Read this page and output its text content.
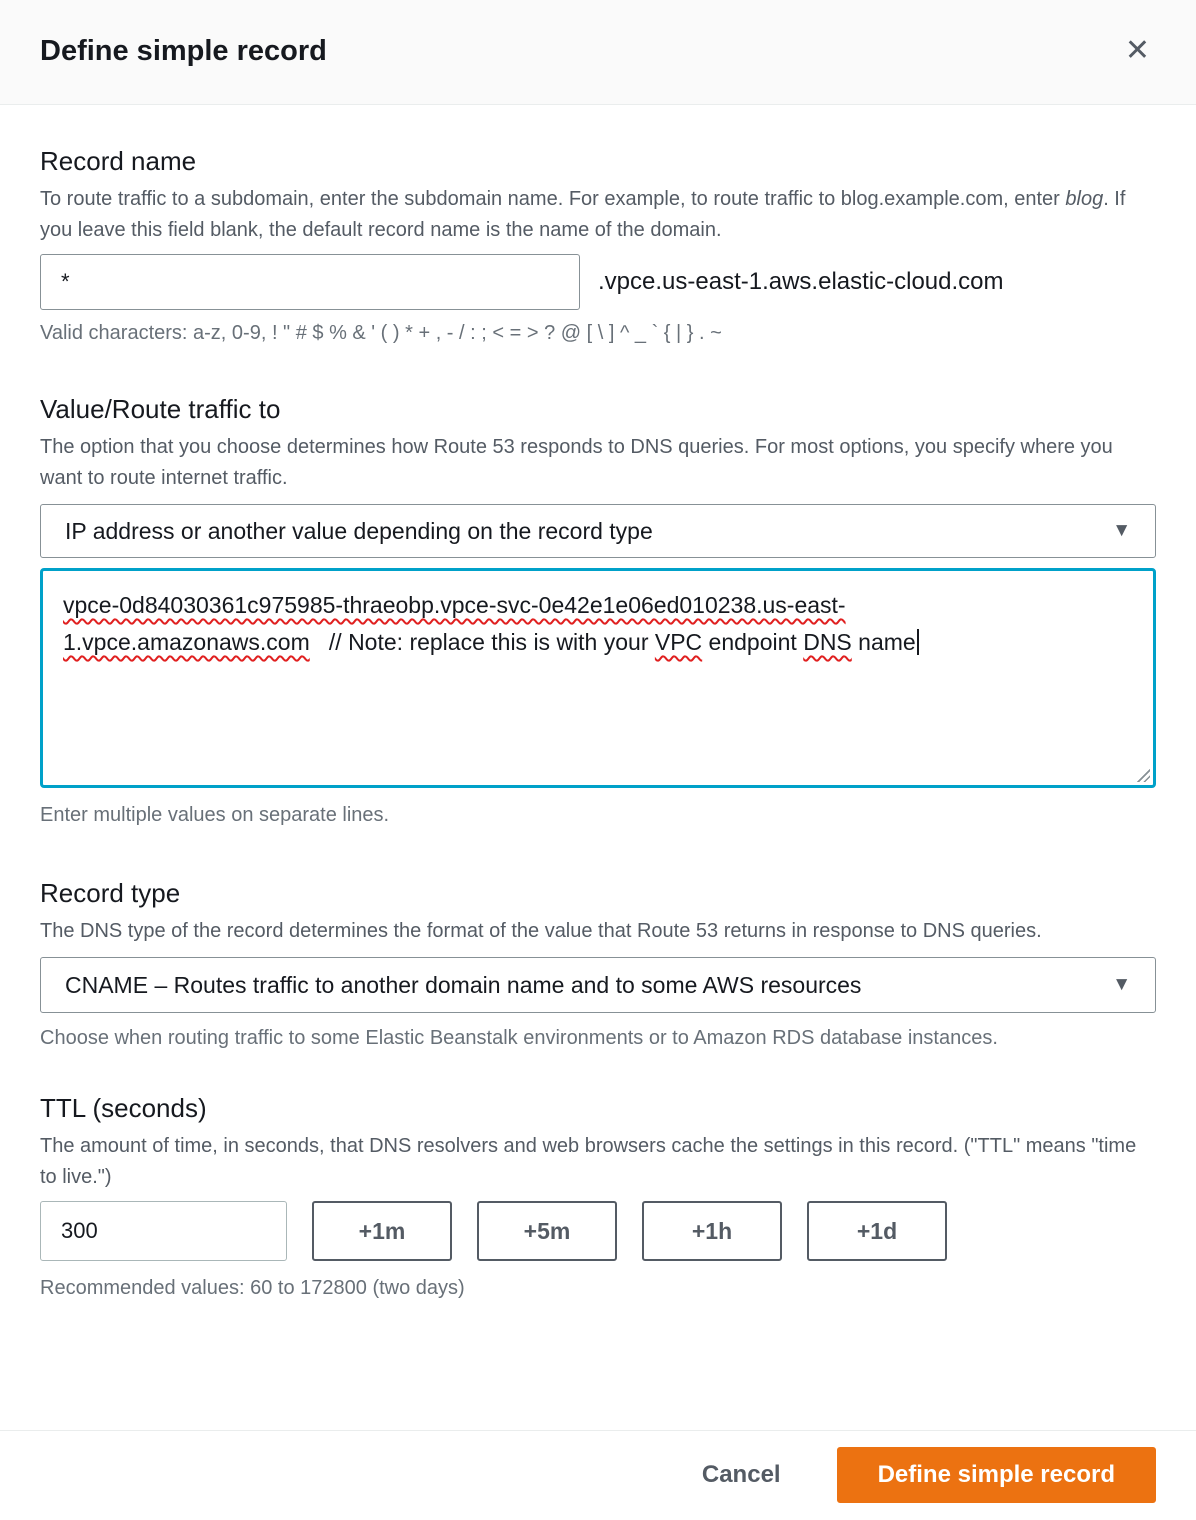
Define simple record	✕
Record name
To route traffic to a subdomain, enter the subdomain name. For example, to route traffic to blog.example.com, enter blog. If you leave this field blank, the default record name is the name of the domain.
*
.vpce.us-east-1.aws.elastic-cloud.com
Valid characters: a-z, 0-9, ! " # $ % & ' ( ) * + , - / : ; < = > ? @ [ \ ] ^ _ ` { | } . ~
Value/Route traffic to
The option that you choose determines how Route 53 responds to DNS queries. For most options, you specify where you want to route internet traffic.
IP address or another value depending on the record type	▼
vpce-0d84030361c975985-thraeobp.vpce-svc-0e42e1e06ed010238.us-east-
1.vpce.amazonaws.com   // Note: replace this is with your VPC endpoint DNS name
Enter multiple values on separate lines.
Record type
The DNS type of the record determines the format of the value that Route 53 returns in response to DNS queries.
CNAME – Routes traffic to another domain name and to some AWS resources	▼
Choose when routing traffic to some Elastic Beanstalk environments or to Amazon RDS database instances.
TTL (seconds)
The amount of time, in seconds, that DNS resolvers and web browsers cache the settings in this record. ("TTL" means "time to live.")
300
+1m	+5m	+1h	+1d
Recommended values: 60 to 172800 (two days)
Cancel	Define simple record
